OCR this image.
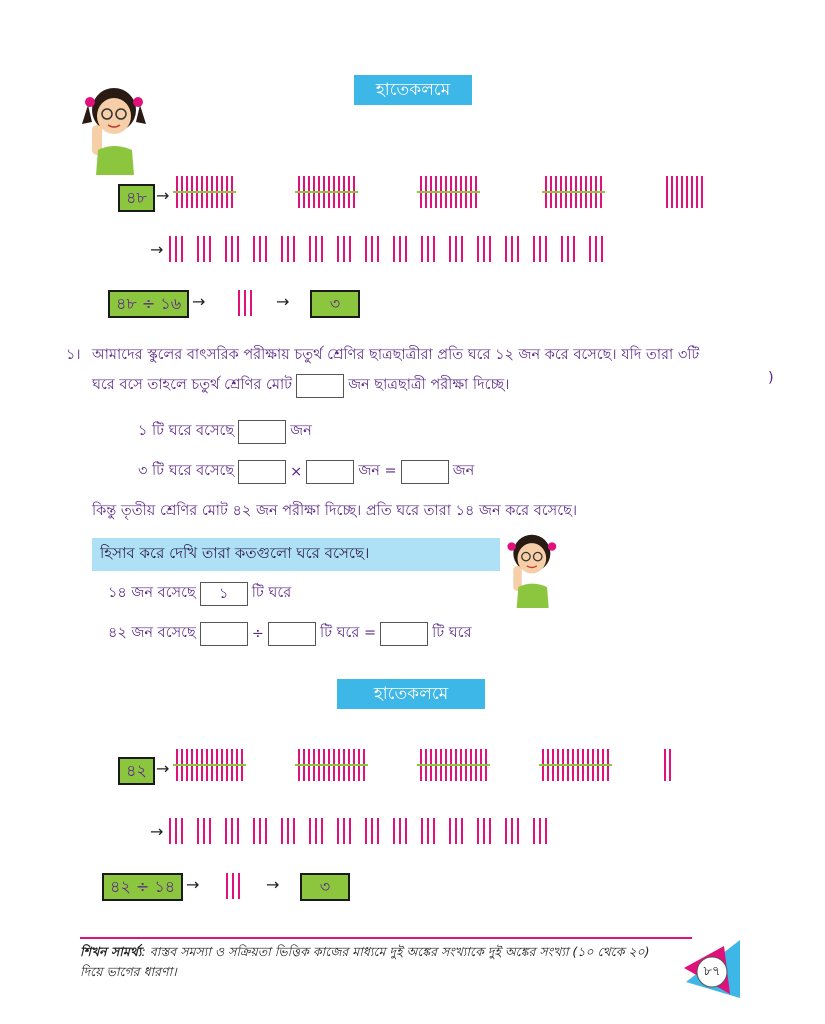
হাতেকলমে
৪৮ →
→
৪৮ ÷ ১৬ →	→	৩
১। আমাদের স্কুলের বাৎসরিক পরীক্ষায় চতুর্থ শ্রেণির ছাত্রছাত্রীরা প্রতি ঘরে ১২ জন করে বসেছে। যদি তারা ৩টি
)
ঘরে বসে তাহলে চতুর্থ শ্রেণির মোট	জন ছাত্রছাত্রী পরীক্ষা দিচ্ছে।
১ টি ঘরে বসেছে	জন
৩ টি ঘরে বসেছে	×	জন =	জন
কিন্তু তৃতীয় শ্রেণির মোট ৪২ জন পরীক্ষা দিচ্ছে। প্রতি ঘরে তারা ১৪ জন করে বসেছে।
হিসাব করে দেখি তারা কতগুলো ঘরে বসেছে।
১৪ জন বসেছে	১	টি ঘরে
৪২ জন বসেছে	÷	টি ঘরে =	টি ঘরে
হাতেকলমে
৪২ →
→
৪২ ÷ ১৪ →	→	৩
শিখন সামর্থ্য: বাস্তব সমস্যা ও সক্রিয়তা ভিত্তিক কাজের মাধ্যমে দুই অঙ্কের সংখ্যাকে দুই অঙ্কের সংখ্যা (১০ থেকে ২০)
দিয়ে ভাগের ধারণা।	৮৭
